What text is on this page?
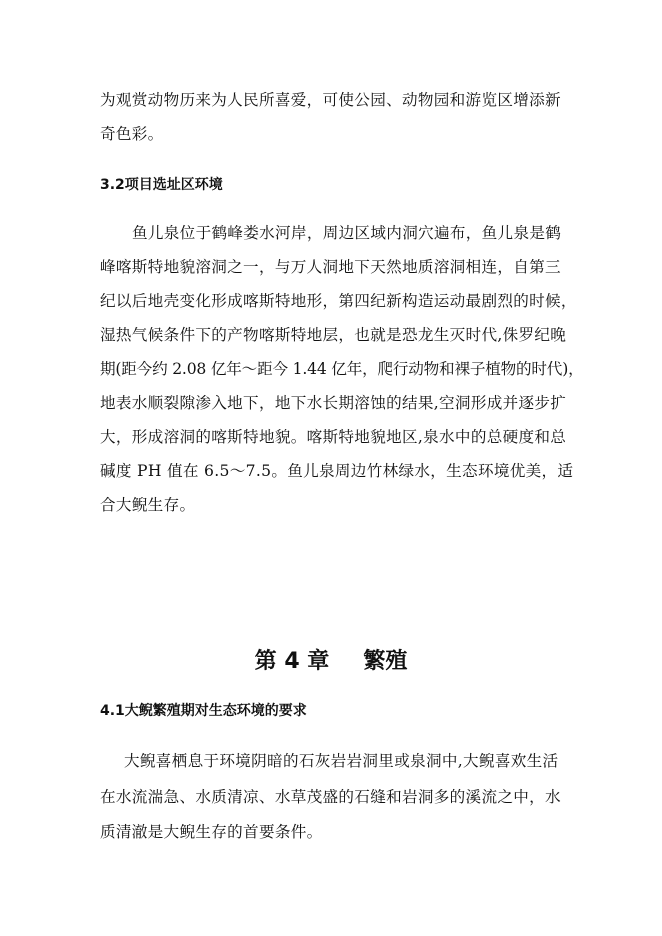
为观赏动物历来为人民所喜爱，可使公园、动物园和游览区增添新
奇色彩。
3.2项目选址区环境
鱼儿泉位于鹤峰娄水河岸，周边区域内洞穴遍布，鱼儿泉是鹤
峰喀斯特地貌溶洞之一，与万人洞地下天然地质溶洞相连，自第三
纪以后地壳变化形成喀斯特地形，第四纪新构造运动最剧烈的时候，
湿热气候条件下的产物喀斯特地层，也就是恐龙生灭时代,侏罗纪晚
期(距今约 2.08 亿年～距今 1.44 亿年，爬行动物和裸子植物的时代)，
地表水顺裂隙渗入地下，地下水长期溶蚀的结果,空洞形成并逐步扩
大，形成溶洞的喀斯特地貌。喀斯特地貌地区,泉水中的总硬度和总
碱度 PH 值在 6.5～7.5。鱼儿泉周边竹林绿水，生态环境优美，适
合大鲵生存。
第 4 章 繁殖
4.1大鲵繁殖期对生态环境的要求
大鲵喜栖息于环境阴暗的石灰岩岩洞里或泉洞中,大鲵喜欢生活
在水流湍急、水质清凉、水草茂盛的石缝和岩洞多的溪流之中，水
质清澈是大鲵生存的首要条件。
